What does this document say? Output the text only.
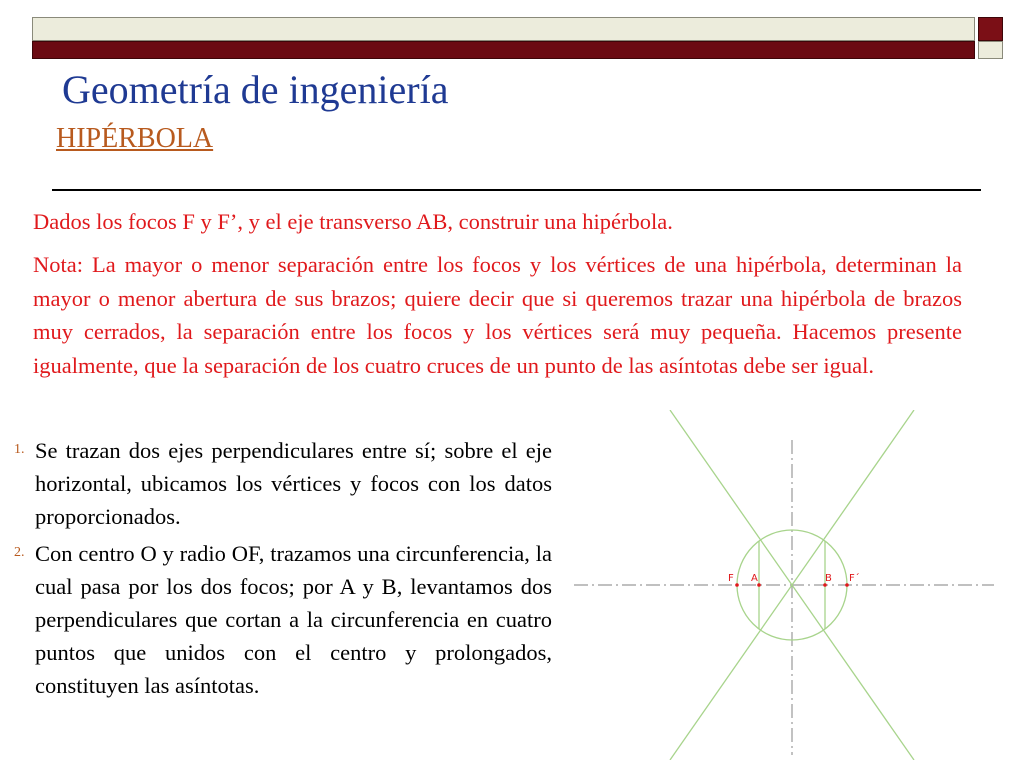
Geometría de ingeniería
HIPÉRBOLA

Dados los focos F y F’, y el eje transverso AB, construir una hipérbola.

Nota: La mayor o menor separación entre los focos y los vértices de una hipérbola, determinan la mayor o menor abertura de sus brazos; quiere decir que si queremos trazar una hipérbola de brazos muy cerrados, la separación entre los focos y los vértices será muy pequeña. Hacemos presente igualmente, que la separación de los cuatro cruces de un punto de las asíntotas debe ser igual.

1. Se trazan dos ejes perpendiculares entre sí; sobre el eje horizontal, ubicamos los vértices y focos con los datos proporcionados.
2. Con centro O y radio OF, trazamos una circunferencia, la cual pasa por los dos focos; por A y B, levantamos dos perpendiculares que cortan a la circunferencia en cuatro puntos que unidos con el centro y prolongados, constituyen las asíntotas.
F A	B F´
